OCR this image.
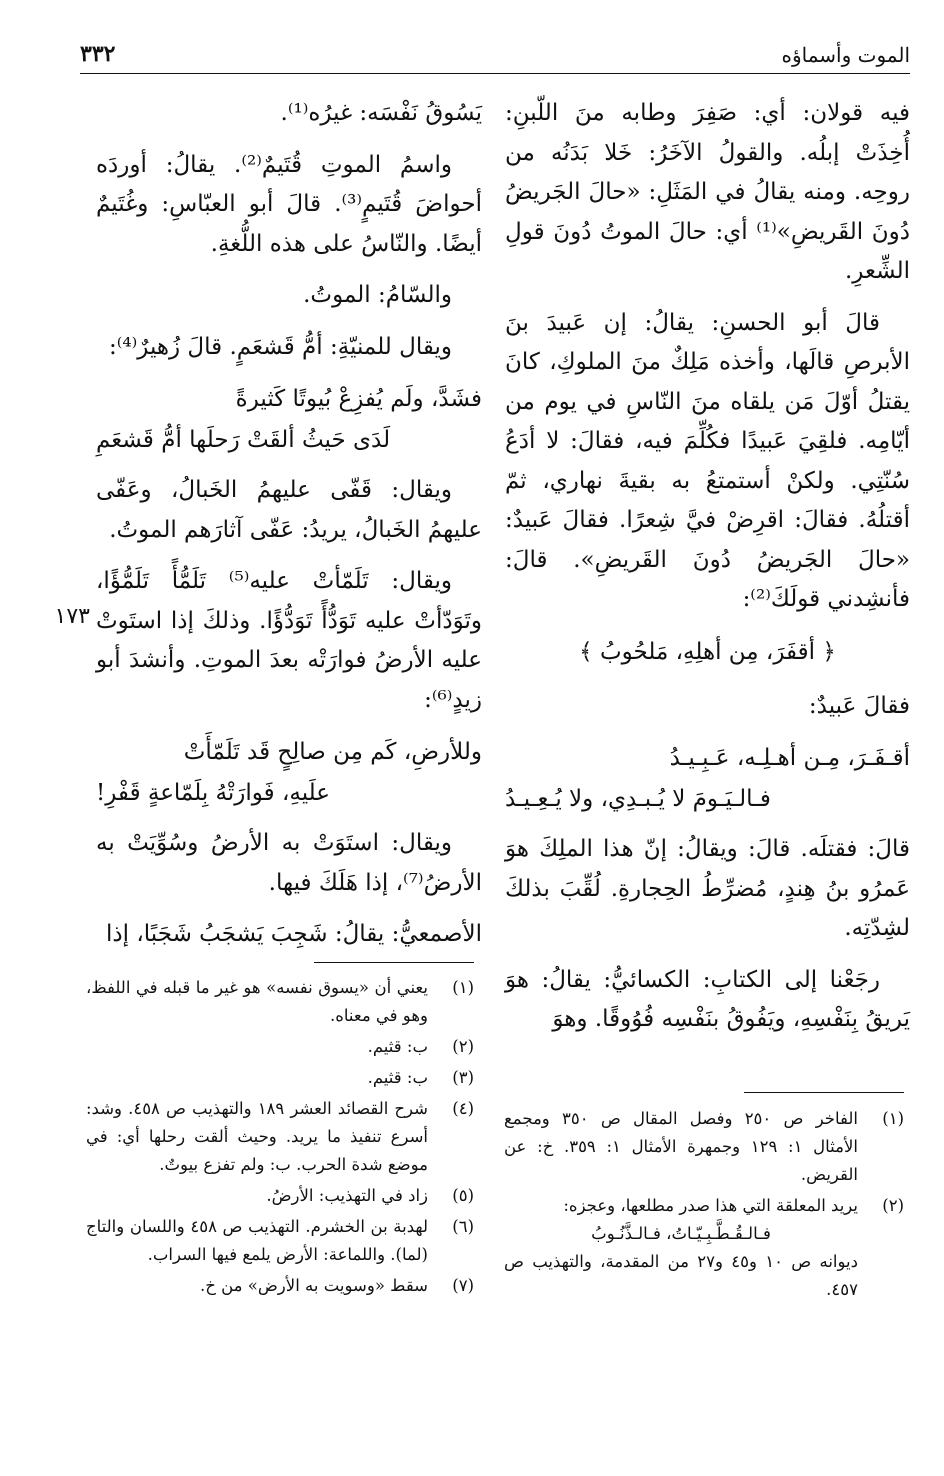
الموت وأسماؤه
٣٣٢

فيه قولان: أي: صَفِرَ وطابه منَ اللّبنِ: أُخِذَتْ إبلُه. والقولُ الآخَرُ: خَلا بَدَنُه من روحِه. ومنه يقالُ في المَثَلِ: «حالَ الجَريضُ دُونَ القَريضِ»⁽¹⁾ أي: حالَ الموتُ دُونَ قولِ الشِّعرِ.

قالَ أبو الحسنِ: يقالُ: إن عَبيدَ بنَ الأبرصِ قالَها، وأخذه مَلِكٌ منَ الملوكِ، كانَ يقتلُ أوّلَ مَن يلقاه منَ النّاسِ في يوم من أيّامِه. فلقِيَ عَبيدًا فكُلِّمَ فيه، فقالَ: لا أدَعُ سُنّتِي. ولكنْ أستمتعُ به بقيةَ نهاري، ثمّ أقتلُهُ. فقالَ: اقرِضْ فيَّ شِعرًا. فقالَ عَبيدٌ: «حالَ الجَريضُ دُونَ القَريضِ». قالَ: فأنشِدني قولَكَ⁽²⁾:

﴿ أقفَرَ، مِن أهلِهِ، مَلحُوبُ ﴾

فقالَ عَبيدٌ:

أقـفَـرَ، مِـن أهـلِـه، عَـبِـيـدُ
فـالـيَـومَ لا يُـبـدِي، ولا يُـعِـيـدُ

قالَ: فقتلَه. قالَ: ويقالُ: إنّ هذا الملِكَ هوَ عَمرُو بنُ هِندٍ، مُضرِّطُ الحِجارةِ. لُقِّبَ بذلكَ لشِدّتِه.

رجَعْنا إلى الكتابِ: الكسائيُّ: يقالُ: هوَ يَريقُ بِنَفْسِهِ، ويَفُوقُ بنَفْسِه فُوُوقًا. وهوَ

يَسُوقُ نَفْسَه: غيرُه⁽¹⁾.

واسمُ الموتِ قُتَيمٌ⁽²⁾. يقالُ: أوردَه أحواضَ قُتَيمٍ⁽³⁾. قالَ أبو العبّاسِ: وغُتَيمٌ أيضًا. والنّاسُ على هذه اللُّغةِ.

والسّامُ: الموتُ.

ويقال للمنيّةِ: أمُّ قَشعَمٍ. قالَ زُهيرٌ⁽⁴⁾:

فشَدَّ، ولَم يُفزِعْ بُيوتًا كَثيرةً
لَدَى حَيثُ ألقَتْ رَحلَها أمُّ قَشعَمِ

ويقال: قَفّى عليهمُ الخَبالُ، وعَفّى عليهمُ الخَبالُ، يريدُ: عَفّى آثارَهم الموتُ.

ويقال: تَلَمّأتْ عليه⁽⁵⁾ تَلَمُّأً تَلَمُّؤًا، وتَوَدّأتْ عليه تَوَدُّأً تَوَدُّؤًا. وذلكَ إذا استَوتْ عليه الأرضُ فوارَتْه بعدَ الموتِ. وأنشدَ أبو زيدٍ⁽⁶⁾:

وللأرضِ، كَم مِن صالِحٍ قَد تَلَمّأَتْ
علَيهِ، فَوارَتْهُ بِلَمّاعةٍ قَفْرِ!

ويقال: استَوَتْ به الأرضُ وسُوِّيَتْ به الأرضُ⁽⁷⁾، إذا هَلَكَ فيها.

الأصمعيُّ: يقالُ: شَجِبَ يَشجَبُ شَجَبًا، إذا

١٧٣
(١)
الفاخر ص ٢٥٠ وفصل المقال ص ٣٥٠ ومجمع الأمثال ١: ١٢٩ وجمهرة الأمثال ١: ٣٥٩. خ: عن القريض.
(٢)
يريد المعلقة التي هذا صدر مطلعها، وعجزه:
فـالـقُـطَّـبِـيّـاتُ، فـالـذَّنُـوبُ
ديوانه ص ١٠ و٤٥ و٢٧ من المقدمة، والتهذيب ص ٤٥٧.
(١)
يعني أن «يسوق نفسه» هو غير ما قبله في اللفظ، وهو في معناه.
(٢)
ب: قثيم.
(٣)
ب: قثيم.
(٤)
شرح القصائد العشر ١٨٩ والتهذيب ص ٤٥٨. وشد: أسرع تنفيذ ما يريد. وحيث ألقت رحلها أي: في موضع شدة الحرب. ب: ولم تفزع بيوتٌ.
(٥)
زاد في التهذيب: الأرضُ.
(٦)
لهدبة بن الخشرم. التهذيب ص ٤٥٨ واللسان والتاج (لما). واللماعة: الأرض يلمع فيها السراب.
(٧)
سقط «وسويت به الأرض» من خ.
